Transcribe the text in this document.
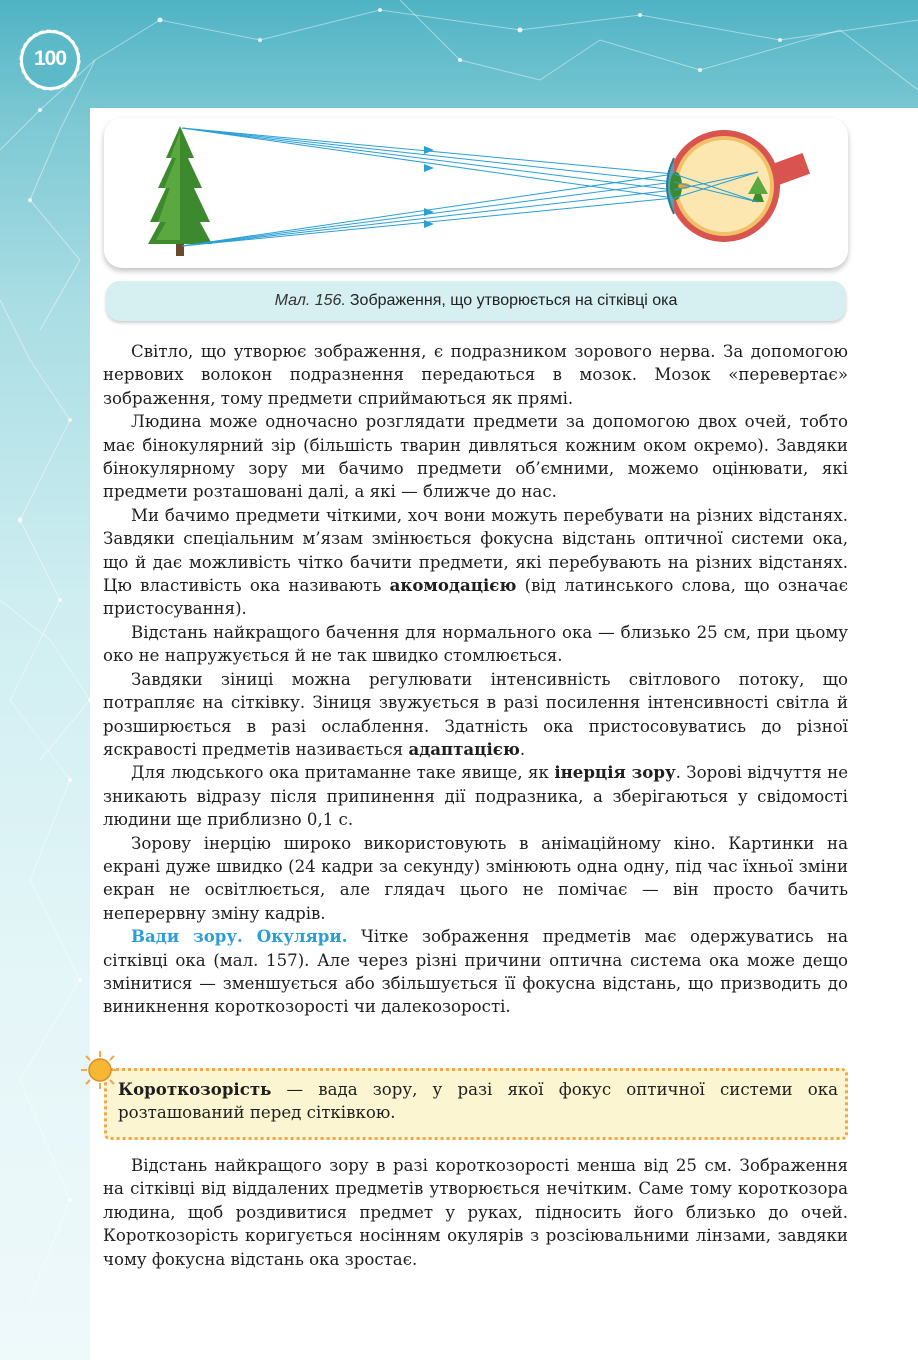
100
Мал. 156. Зображення, що утворюється на сітківці ока

Світло, що утворює зображення, є подразником зорового нерва. За допомогою нервових волокон подразнення передаються в мозок. Мозок «перевертає» зображення, тому предмети сприймаються як прямі.

Людина може одночасно розглядати предмети за допомогою двох очей, тобто має бінокулярний зір (більшість тварин дивляться кожним оком окремо). Завдяки бінокулярному зору ми бачимо предмети об’ємними, можемо оцінювати, які предмети розташовані далі, а які — ближче до нас.

Ми бачимо предмети чіткими, хоч вони можуть перебувати на різних відстанях. Завдяки спеціальним м’язам змінюється фокусна відстань оптичної системи ока, що й дає можливість чітко бачити предмети, які перебувають на різних відстанях. Цю властивість ока називають акомодацією (від латинського слова, що означає пристосування).

Відстань найкращого бачення для нормального ока — близько 25 см, при цьому око не напружується й не так швидко стомлюється.

Завдяки зіниці можна регулювати інтенсивність світлового потоку, що потрапляє на сітківку. Зіниця звужується в разі посилення інтенсивності світла й розширюється в разі ослаблення. Здатність ока пристосовуватись до різної яскравості предметів називається адаптацією.

Для людського ока притаманне таке явище, як інерція зору. Зорові відчуття не зникають відразу після припинення дії подразника, а зберігаються у свідомості людини ще приблизно 0,1 с.

Зорову інерцію широко використовують в анімаційному кіно. Картинки на екрані дуже швидко (24 кадри за секунду) змінюють одна одну, під час їхньої зміни екран не освітлюється, але глядач цього не помічає — він просто бачить неперервну зміну кадрів.

Вади зору. Окуляри. Чітке зображення предметів має одержуватись на сітківці ока (мал. 157). Але через різні причини оптична система ока може дещо змінитися — зменшується або збільшується її фокусна відстань, що призводить до виникнення короткозорості чи далекозорості.

Короткозорість — вада зору, у разі якої фокус оптичної системи ока розташований перед сітківкою.

Відстань найкращого зору в разі короткозорості менша від 25 см. Зображення на сітківці від віддалених предметів утворюється нечітким. Саме тому короткозора людина, щоб роздивитися предмет у руках, підносить його близько до очей. Короткозорість коригується носінням окулярів з розсіювальними лінзами, завдяки чому фокусна відстань ока зростає.
